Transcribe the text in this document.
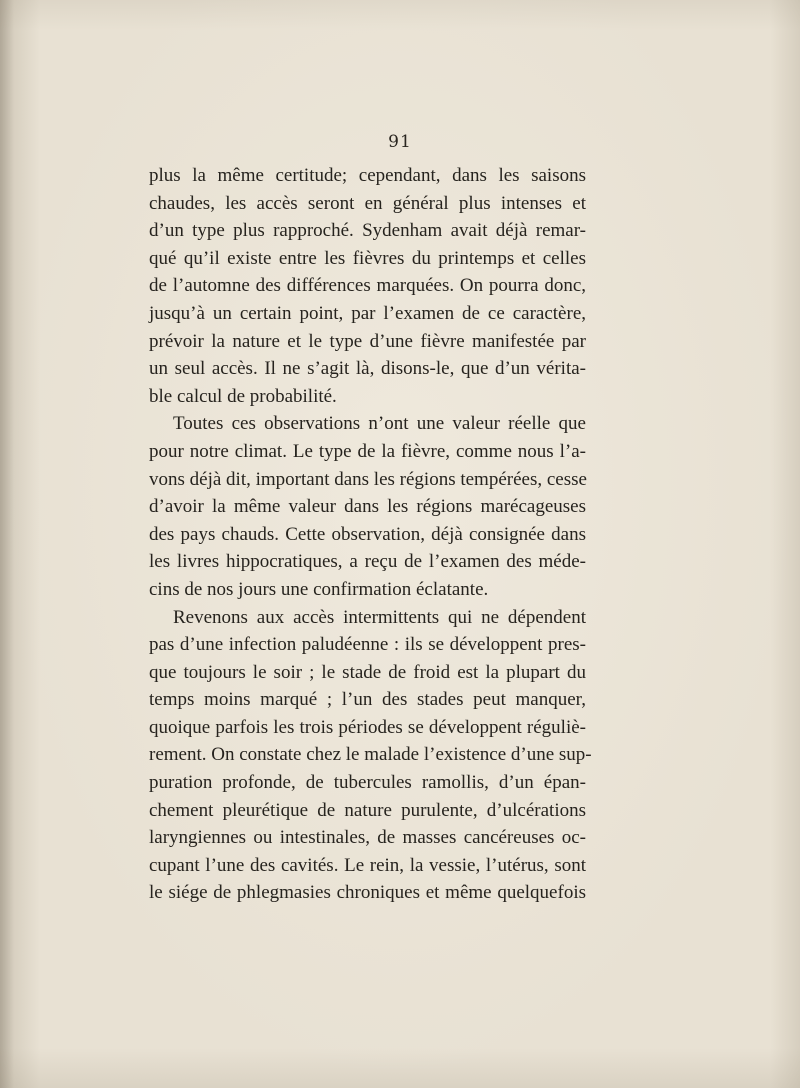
91
plus la même certitude; cependant, dans les saisons
chaudes, les accès seront en général plus intenses et
d’un type plus rapproché. Sydenham avait déjà remar-
qué qu’il existe entre les fièvres du printemps et celles
de l’automne des différences marquées. On pourra donc,
jusqu’à un certain point, par l’examen de ce caractère,
prévoir la nature et le type d’une fièvre manifestée par
un seul accès. Il ne s’agit là, disons-le, que d’un vérita-
ble calcul de probabilité.
Toutes ces observations n’ont une valeur réelle que
pour notre climat. Le type de la fièvre, comme nous l’a-
vons déjà dit, important dans les régions tempérées, cesse
d’avoir la même valeur dans les régions marécageuses
des pays chauds. Cette observation, déjà consignée dans
les livres hippocratiques, a reçu de l’examen des méde-
cins de nos jours une confirmation éclatante.
Revenons aux accès intermittents qui ne dépendent
pas d’une infection paludéenne : ils se développent pres-
que toujours le soir ; le stade de froid est la plupart du
temps moins marqué ; l’un des stades peut manquer,
quoique parfois les trois périodes se développent réguliè-
rement. On constate chez le malade l’existence d’une sup-
puration profonde, de tubercules ramollis, d’un épan-
chement pleurétique de nature purulente, d’ulcérations
laryngiennes ou intestinales, de masses cancéreuses oc-
cupant l’une des cavités. Le rein, la vessie, l’utérus, sont
le siége de phlegmasies chroniques et même quelquefois
